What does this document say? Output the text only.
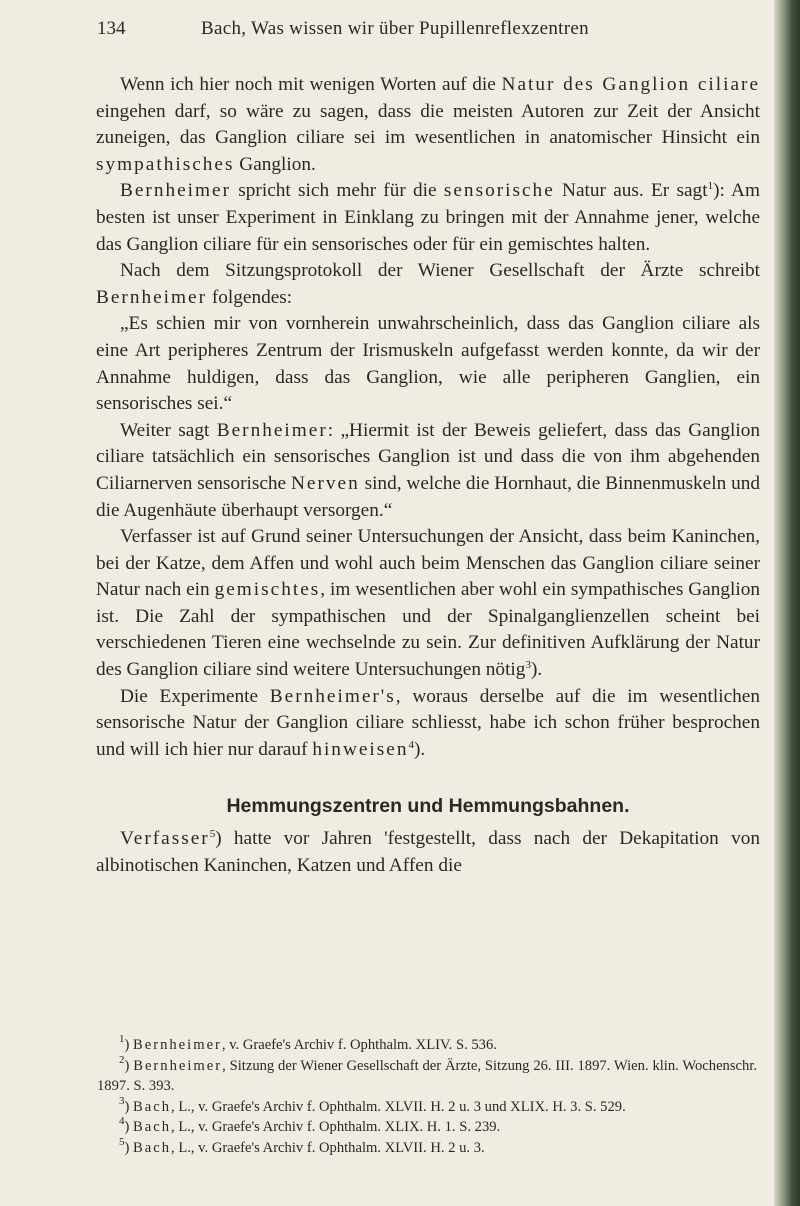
134	Bach, Was wissen wir über Pupillenreflexzentren

Wenn ich hier noch mit wenigen Worten auf die Natur des Ganglion ciliare eingehen darf, so wäre zu sagen, dass die meisten Autoren zur Zeit der Ansicht zuneigen, das Ganglion ciliare sei im wesentlichen in anatomischer Hinsicht ein sympathisches Ganglion.

Bernheimer spricht sich mehr für die sensorische Natur aus. Er sagt$^1$): Am besten ist unser Experiment in Einklang zu bringen mit der Annahme jener, welche das Ganglion ciliare für ein sensorisches oder für ein gemischtes halten.

Nach dem Sitzungsprotokoll der Wiener Gesellschaft der Ärzte schreibt Bernheimer folgendes:

„Es schien mir von vornherein unwahrscheinlich, dass das Ganglion ciliare als eine Art peripheres Zentrum der Irismuskeln aufgefasst werden konnte, da wir der Annahme huldigen, dass das Ganglion, wie alle peripheren Ganglien, ein sensorisches sei.“

Weiter sagt Bernheimer: „Hiermit ist der Beweis geliefert, dass das Ganglion ciliare tatsächlich ein sensorisches Ganglion ist und dass die von ihm abgehenden Ciliarnerven sensorische Nerven sind, welche die Hornhaut, die Binnenmuskeln und die Augenhäute überhaupt versorgen.“

Verfasser ist auf Grund seiner Untersuchungen der Ansicht, dass beim Kaninchen, bei der Katze, dem Affen und wohl auch beim Menschen das Ganglion ciliare seiner Natur nach ein gemischtes, im wesentlichen aber wohl ein sympathisches Ganglion ist. Die Zahl der sympathischen und der Spinalganglienzellen scheint bei verschiedenen Tieren eine wechselnde zu sein. Zur definitiven Aufklärung der Natur des Ganglion ciliare sind weitere Untersuchungen nötig$^3$).

Die Experimente Bernheimer's, woraus derselbe auf die im wesentlichen sensorische Natur der Ganglion ciliare schliesst, habe ich schon früher besprochen und will ich hier nur darauf hinweisen$^4$).

Hemmungszentren und Hemmungsbahnen.

Verfasser$^5$) hatte vor Jahren 'festgestellt, dass nach der Dekapitation von albinotischen Kaninchen, Katzen und Affen die

$^1$) Bernheimer, v. Graefe's Archiv f. Ophthalm. XLIV. S. 536.
$^2$) Bernheimer, Sitzung der Wiener Gesellschaft der Ärzte, Sitzung 26. III. 1897. Wien. klin. Wochenschr. 1897. S. 393.
$^3$) Bach, L., v. Graefe's Archiv f. Ophthalm. XLVII. H. 2 u. 3 und XLIX. H. 3. S. 529.
$^4$) Bach, L., v. Graefe's Archiv f. Ophthalm. XLIX. H. 1. S. 239.
$^5$) Bach, L., v. Graefe's Archiv f. Ophthalm. XLVII. H. 2 u. 3.
